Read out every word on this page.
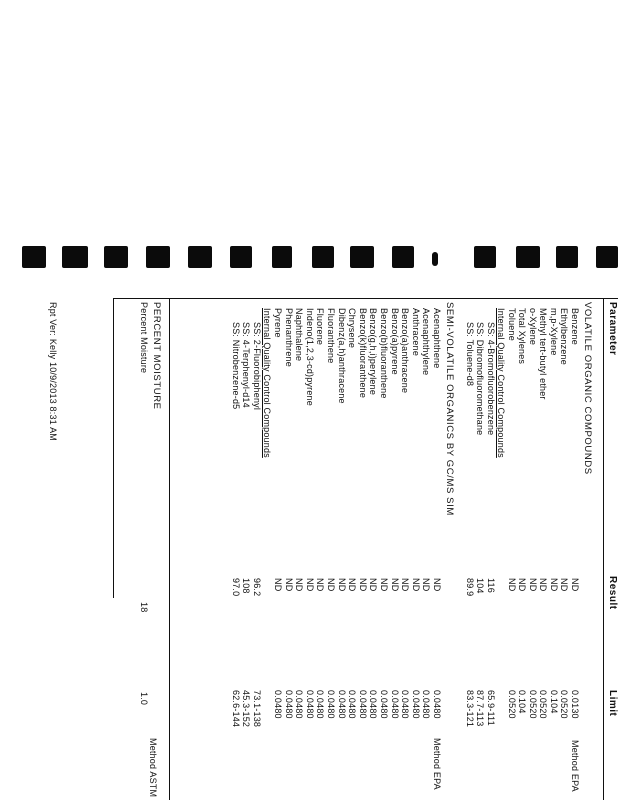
Parameter
Result
Limit
VOLATILE ORGANIC COMPOUNDS
Method EPA
Benzene
ND
0.0130
Ethylbenzene
ND
0.0520
m,p-Xylene
ND
0.104
Methyl tert-butyl ether
ND
0.0520
o-Xylene
ND
0.0520
Total Xylenes
ND
0.104
Toluene
ND
0.0520
Internal Quality Control Compounds
SS: 4-Bromofluorobenzene
116
65.9-111
SS: Dibromofluoromethane
104
87.7-113
SS: Toluene-d8
89.9
83.3-121
Acenaphthene
ND
0.0480
Acenaphthylene
ND
0.0480
Anthracene
ND
0.0480
Benzo(a)anthracene
ND
0.0480
Benzo(a)pyrene
ND
0.0480
Benzo(b)fluoranthene
ND
0.0480
Benzo(g,h,i)perylene
ND
0.0480
Benzo(k)fluoranthene
ND
0.0480
Chrysene
ND
0.0480
Dibenz(a,h)anthracene
ND
0.0480
Fluoranthene
ND
0.0480
Fluorene
ND
0.0480
Indeno(1,2,3-cd)pyrene
ND
0.0480
Naphthalene
ND
0.0480
Phenanthrene
ND
0.0480
Pyrene
ND
0.0480
Internal Quality Control Compounds
SS: 2-Fluorobiphenyl
96.2
73.1-138
SS: 4-Terphenyl-d14
108
45.3-152
SS: Nitrobenzene-d5
97.0
62.6-144
SEMI-VOLATILE ORGANICS BY GC/MS SIM
Method EPA
PERCENT MOISTURE
Method ASTM
Percent Moisture
18
1.0
Rpt Ver: Kelly 10/9/2013 8:31 AM
